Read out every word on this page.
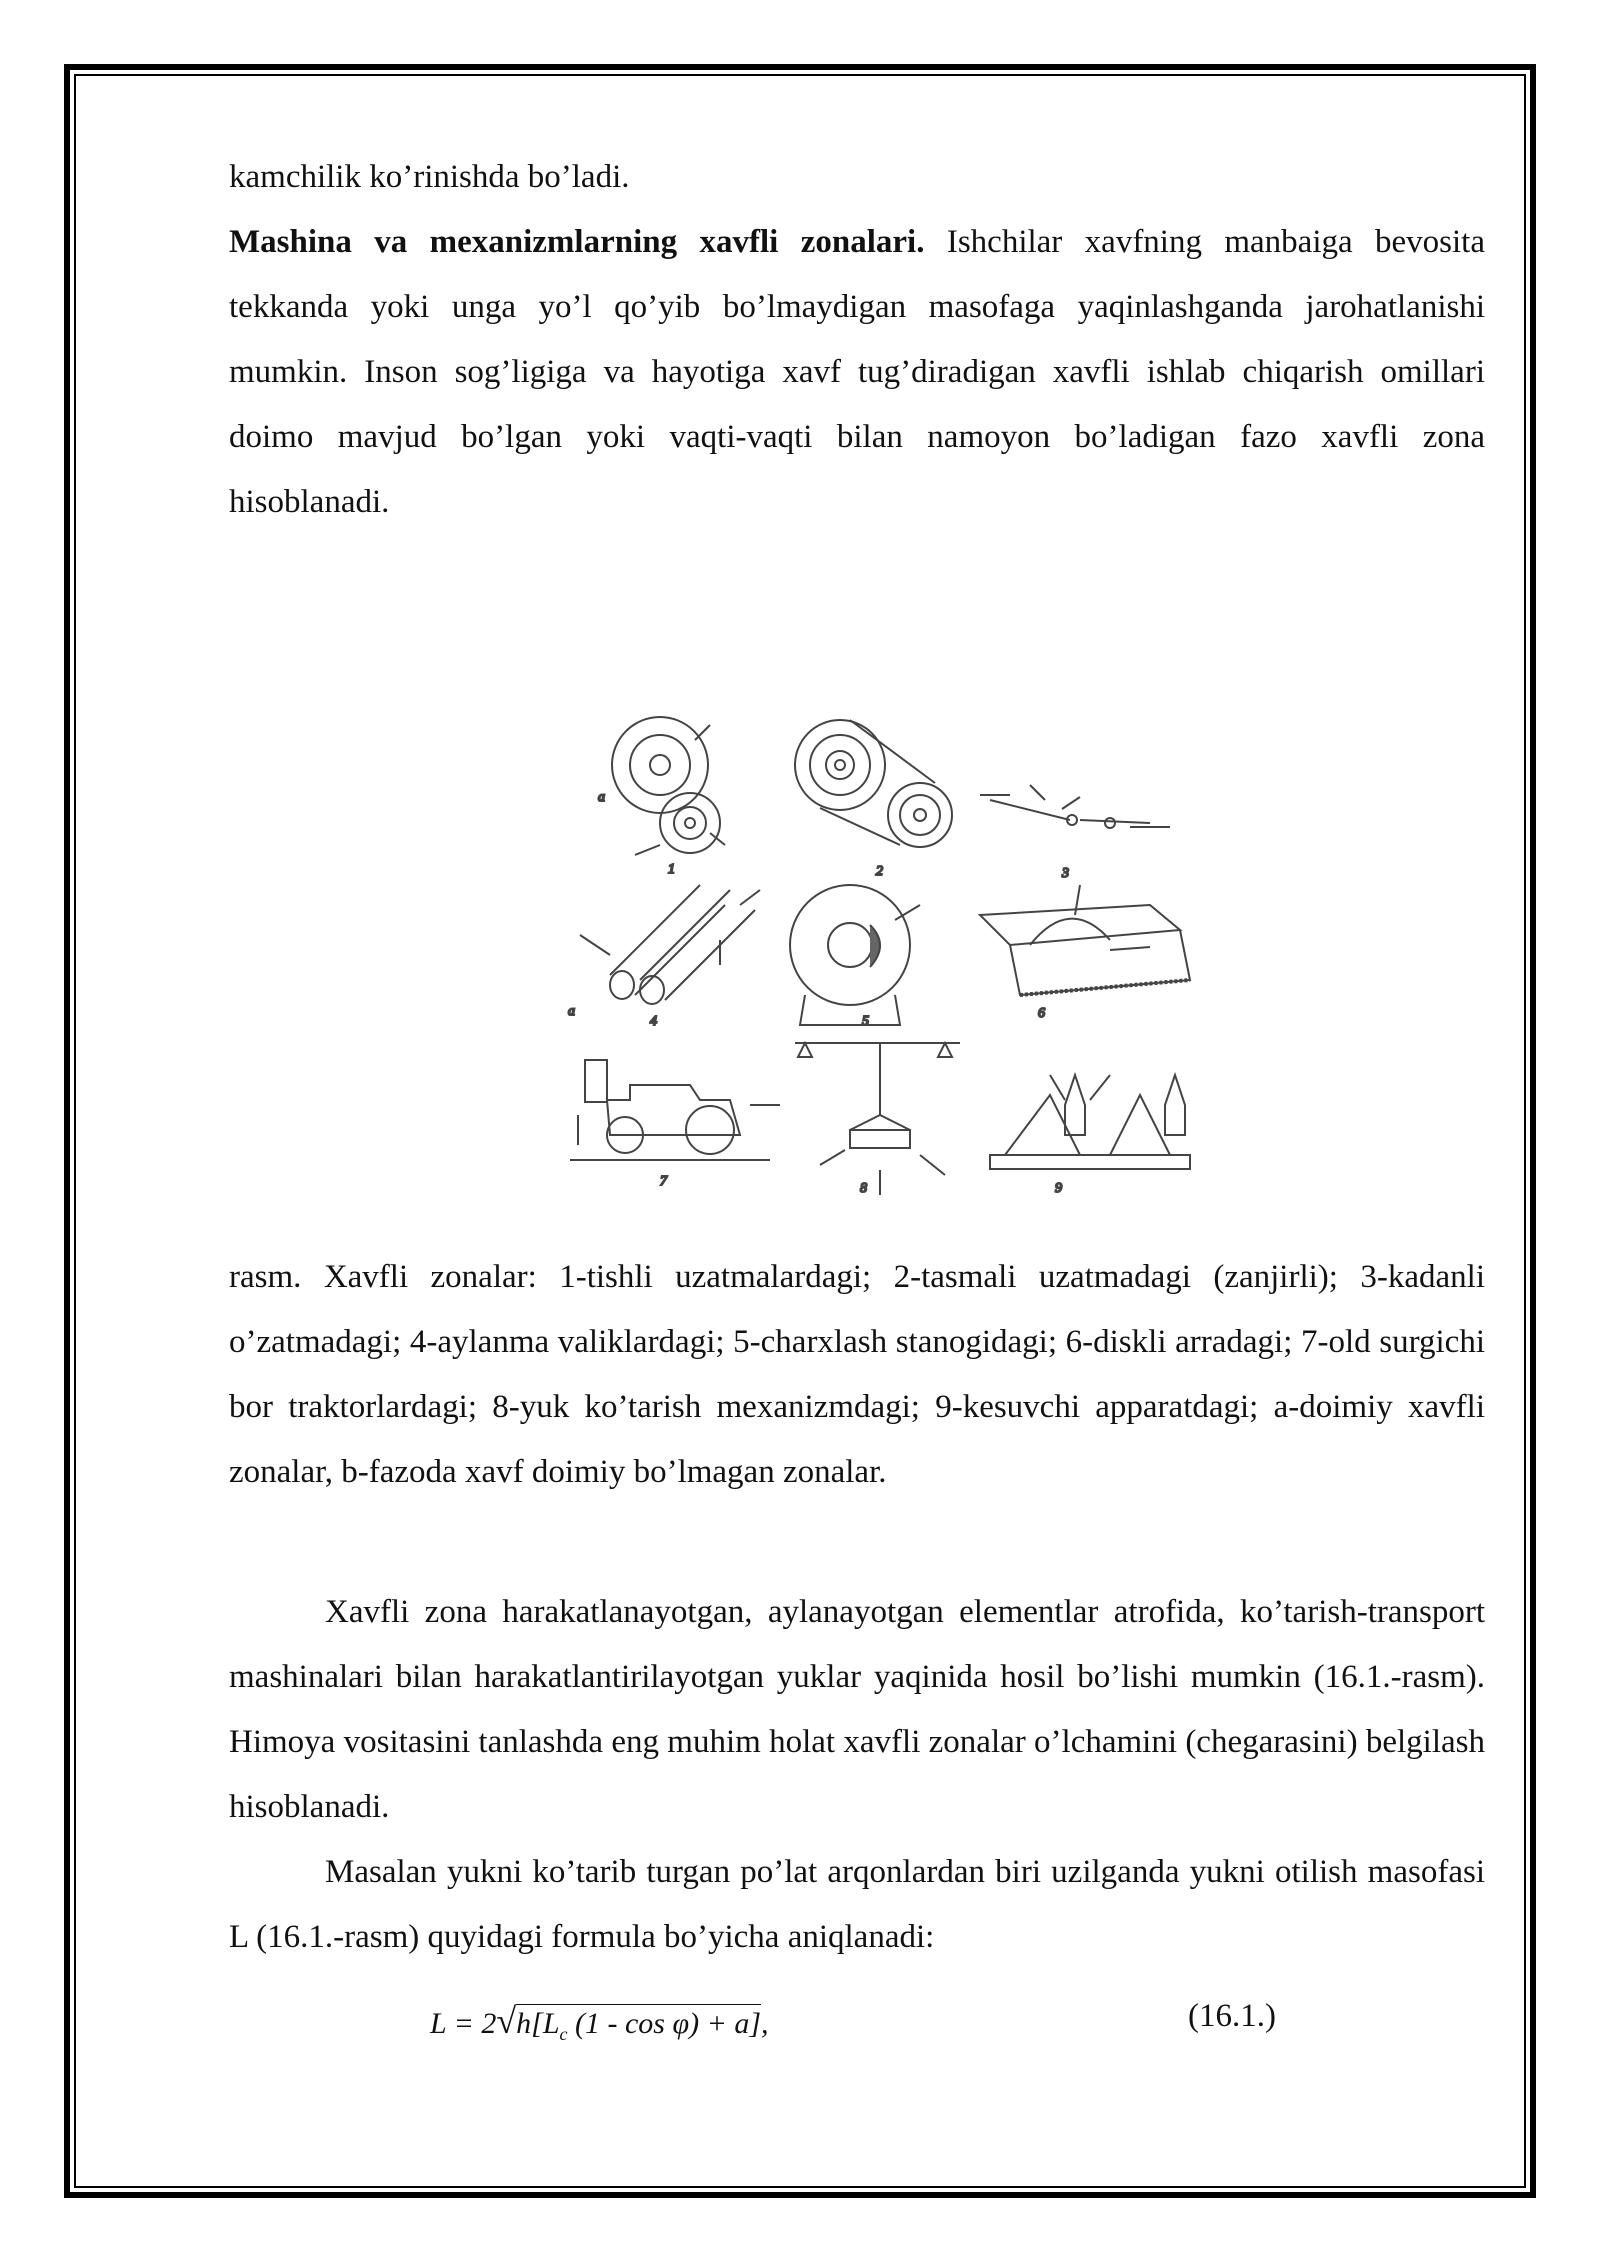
kamchilik ko’rinishda bo’ladi.

Mashina va mexanizmlarning xavfli zonalari. Ishchilar xavfning manbaiga bevosita tekkanda yoki unga yo’l qo’yib bo’lmaydigan masofaga yaqinlashganda jarohatlanishi mumkin. Inson sog’ligiga va hayotiga xavf tug’diradigan xavfli ishlab chiqarish omillari doimo mavjud bo’lgan yoki vaqti-vaqti bilan namoyon bo’ladigan fazo xavfli zona hisoblanadi.

a
1	2	3
a
4	5
6
7	8	9

rasm. Xavfli zonalar: 1-tishli uzatmalardagi; 2-tasmali uzatmadagi (zanjirli); 3-kadanli o’zatmadagi; 4-aylanma valiklardagi; 5-charxlash stanogidagi; 6-diskli arradagi; 7-old surgichi bor traktorlardagi; 8-yuk ko’tarish mexanizmdagi; 9-kesuvchi apparatdagi; a-doimiy xavfli zonalar, b-fazoda xavf doimiy bo’lmagan zonalar.

Xavfli zona harakatlanayotgan, aylanayotgan elementlar atrofida, ko’tarish-transport mashinalari bilan harakatlantirilayotgan yuklar yaqinida hosil bo’lishi mumkin (16.1.-rasm). Himoya vositasini tanlashda eng muhim holat xavfli zonalar o’lchamini (chegarasini) belgilash hisoblanadi.

Masalan yukni ko’tarib turgan po’lat arqonlardan biri uzilganda yukni otilish masofasi L (16.1.-rasm) quyidagi formula bo’yicha aniqlanadi:

$L = 2√h[L_c$ (1 - cos φ) + a],	(16.1.)
